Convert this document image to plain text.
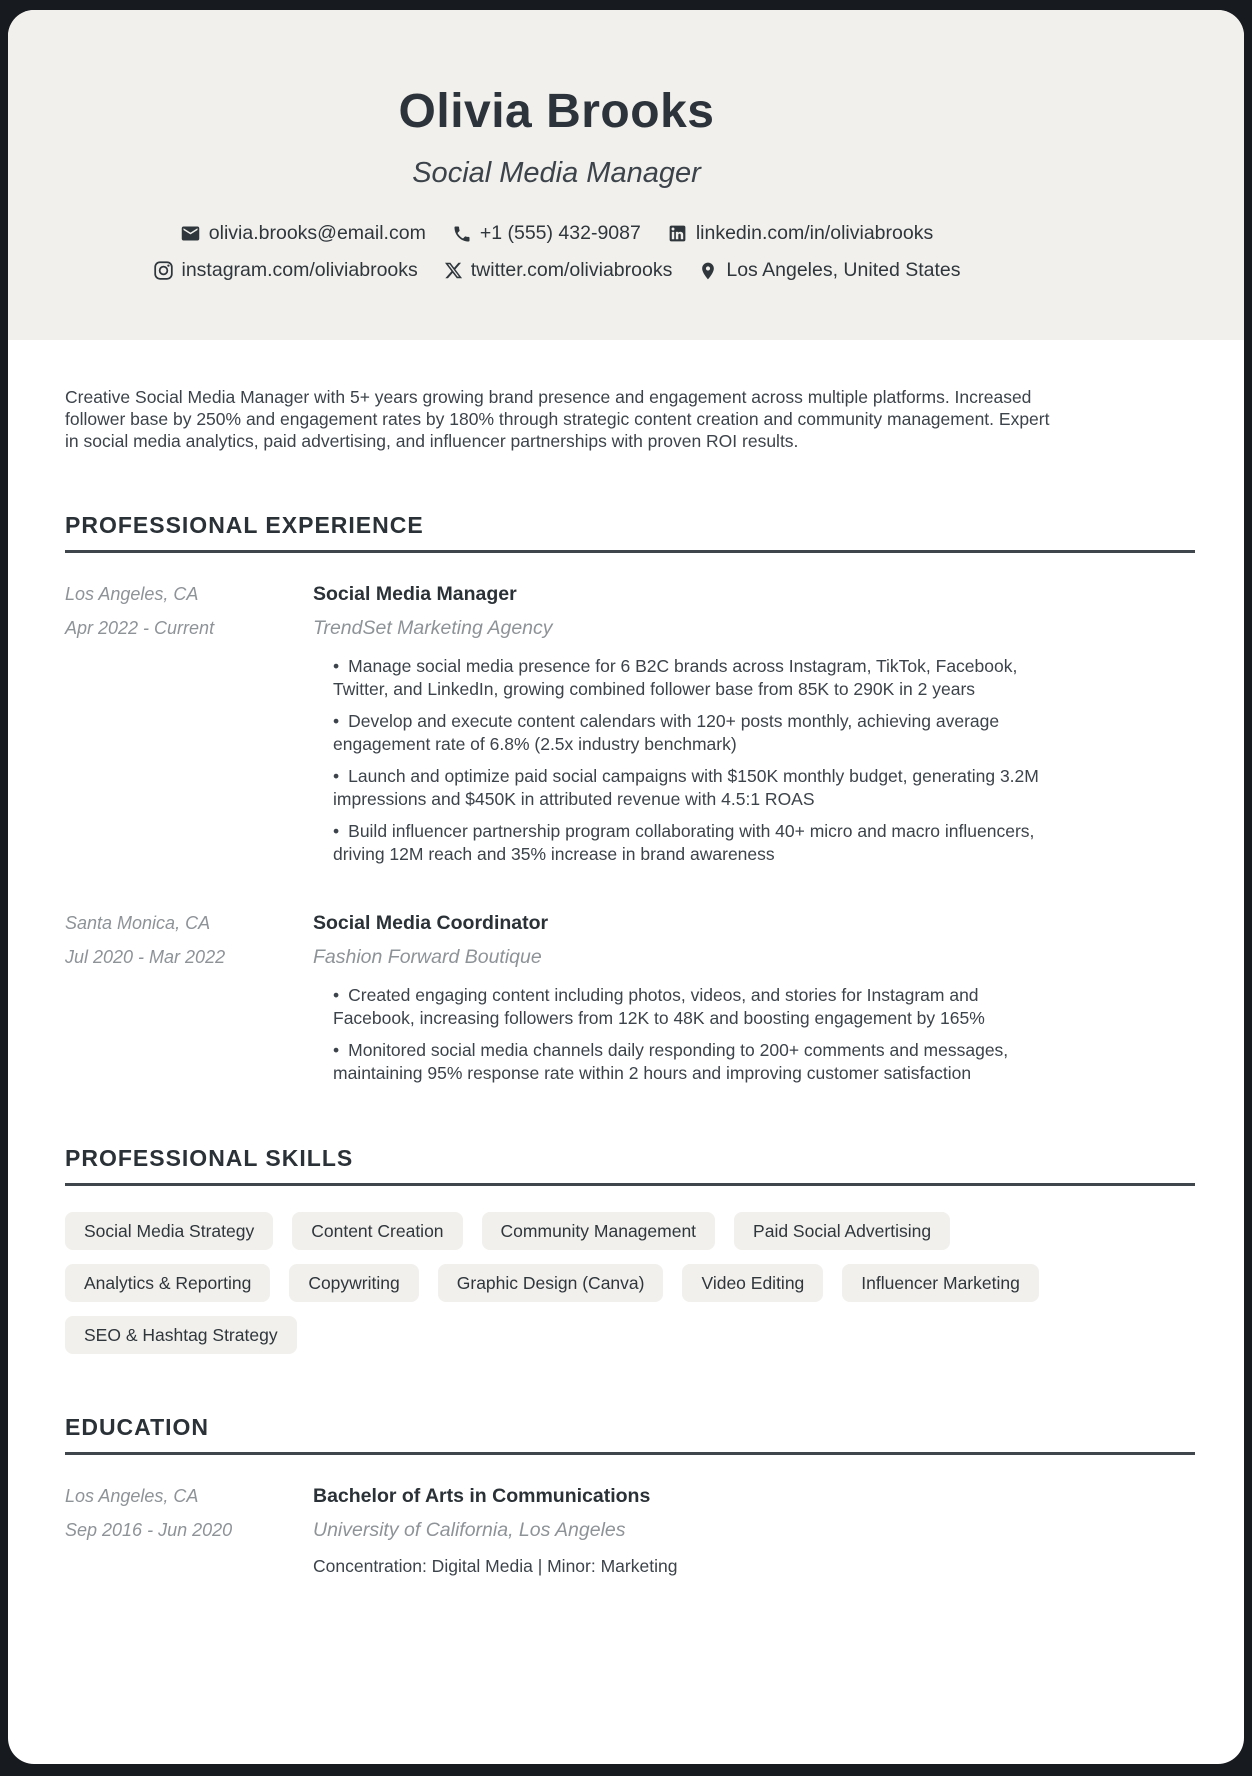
Olivia Brooks
Social Media Manager
olivia.brooks@email.com	+1 (555) 432-9087	linkedin.com/in/oliviabrooks
instagram.com/oliviabrooks	twitter.com/oliviabrooks	Los Angeles, United States

Creative Social Media Manager with 5+ years growing brand presence and engagement across multiple platforms. Increased follower base by 250% and engagement rates by 180% through strategic content creation and community management. Expert in social media analytics, paid advertising, and influencer partnerships with proven ROI results.

PROFESSIONAL EXPERIENCE
Los Angeles, CA
Apr 2022 - Current
Social Media Manager
TrendSet Marketing Agency
• Manage social media presence for 6 B2C brands across Instagram, TikTok, Facebook, Twitter, and LinkedIn, growing combined follower base from 85K to 290K in 2 years
• Develop and execute content calendars with 120+ posts monthly, achieving average engagement rate of 6.8% (2.5x industry benchmark)
• Launch and optimize paid social campaigns with $150K monthly budget, generating 3.2M impressions and $450K in attributed revenue with 4.5:1 ROAS
• Build influencer partnership program collaborating with 40+ micro and macro influencers, driving 12M reach and 35% increase in brand awareness
Santa Monica, CA
Jul 2020 - Mar 2022
Social Media Coordinator
Fashion Forward Boutique
• Created engaging content including photos, videos, and stories for Instagram and Facebook, increasing followers from 12K to 48K and boosting engagement by 165%
• Monitored social media channels daily responding to 200+ comments and messages, maintaining 95% response rate within 2 hours and improving customer satisfaction
PROFESSIONAL SKILLS
Social Media Strategy	Content Creation	Community Management	Paid Social Advertising
Analytics & Reporting	Copywriting	Graphic Design (Canva)	Video Editing	Influencer Marketing
SEO & Hashtag Strategy
EDUCATION
Los Angeles, CA
Sep 2016 - Jun 2020
Bachelor of Arts in Communications
University of California, Los Angeles
Concentration: Digital Media | Minor: Marketing
